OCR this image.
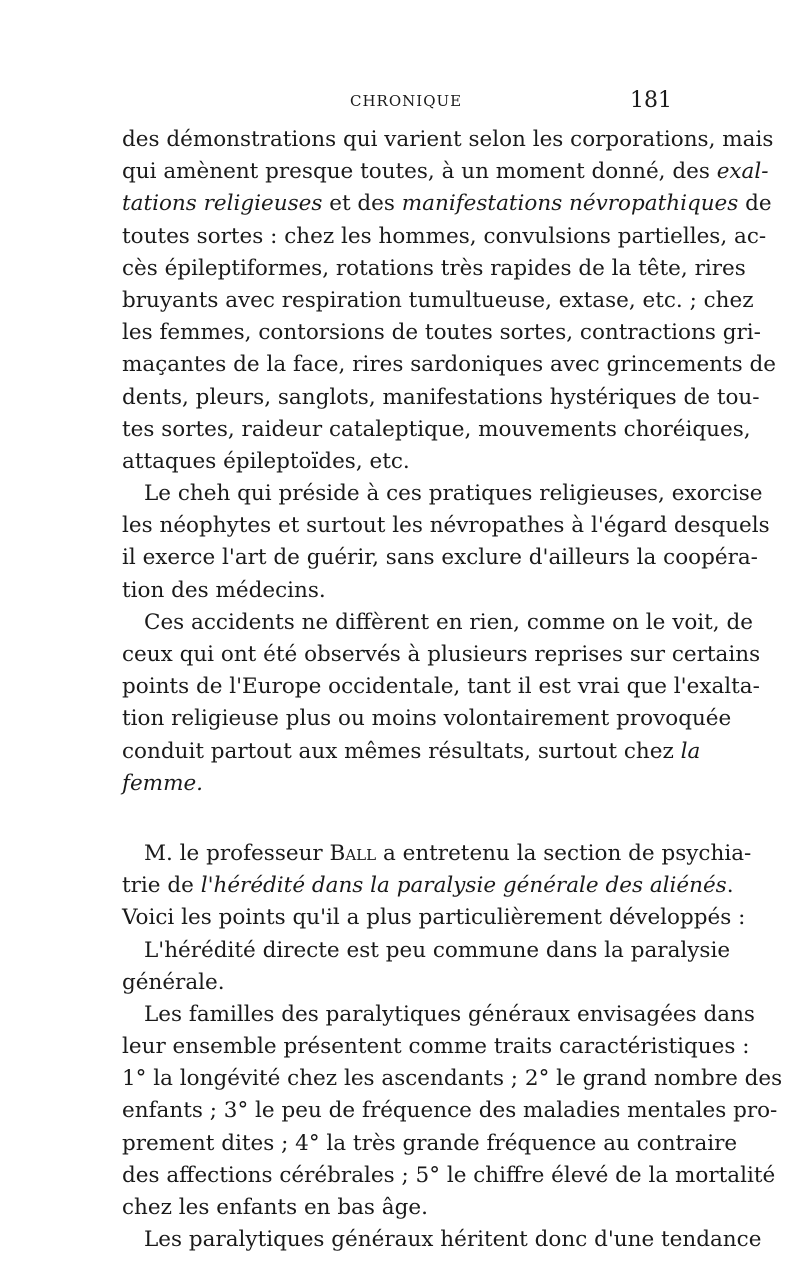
CHRONIQUE	181

des démonstrations qui varient selon les corporations, mais
qui amènent presque toutes, à un moment donné, des exal-
tations religieuses et des manifestations névropathiques de
toutes sortes : chez les hommes, convulsions partielles, ac-
cès épileptiformes, rotations très rapides de la tête, rires
bruyants avec respiration tumultueuse, extase, etc. ; chez
les femmes, contorsions de toutes sortes, contractions gri-
maçantes de la face, rires sardoniques avec grincements de
dents, pleurs, sanglots, manifestations hystériques de tou-
tes sortes, raideur cataleptique, mouvements choréiques,
attaques épileptoïdes, etc.

Le cheh qui préside à ces pratiques religieuses, exorcise
les néophytes et surtout les névropathes à l'égard desquels
il exerce l'art de guérir, sans exclure d'ailleurs la coopéra-
tion des médecins.

Ces accidents ne diffèrent en rien, comme on le voit, de
ceux qui ont été observés à plusieurs reprises sur certains
points de l'Europe occidentale, tant il est vrai que l'exalta-
tion religieuse plus ou moins volontairement provoquée
conduit partout aux mêmes résultats, surtout chez la
femme.

M. le professeur Ball a entretenu la section de psychia-
trie de l'hérédité dans la paralysie générale des aliénés.
Voici les points qu'il a plus particulièrement développés :

L'hérédité directe est peu commune dans la paralysie
générale.

Les familles des paralytiques généraux envisagées dans
leur ensemble présentent comme traits caractéristiques :
1° la longévité chez les ascendants ; 2° le grand nombre des
enfants ; 3° le peu de fréquence des maladies mentales pro-
prement dites ; 4° la très grande fréquence au contraire
des affections cérébrales ; 5° le chiffre élevé de la mortalité
chez les enfants en bas âge.

Les paralytiques généraux héritent donc d'une tendance
